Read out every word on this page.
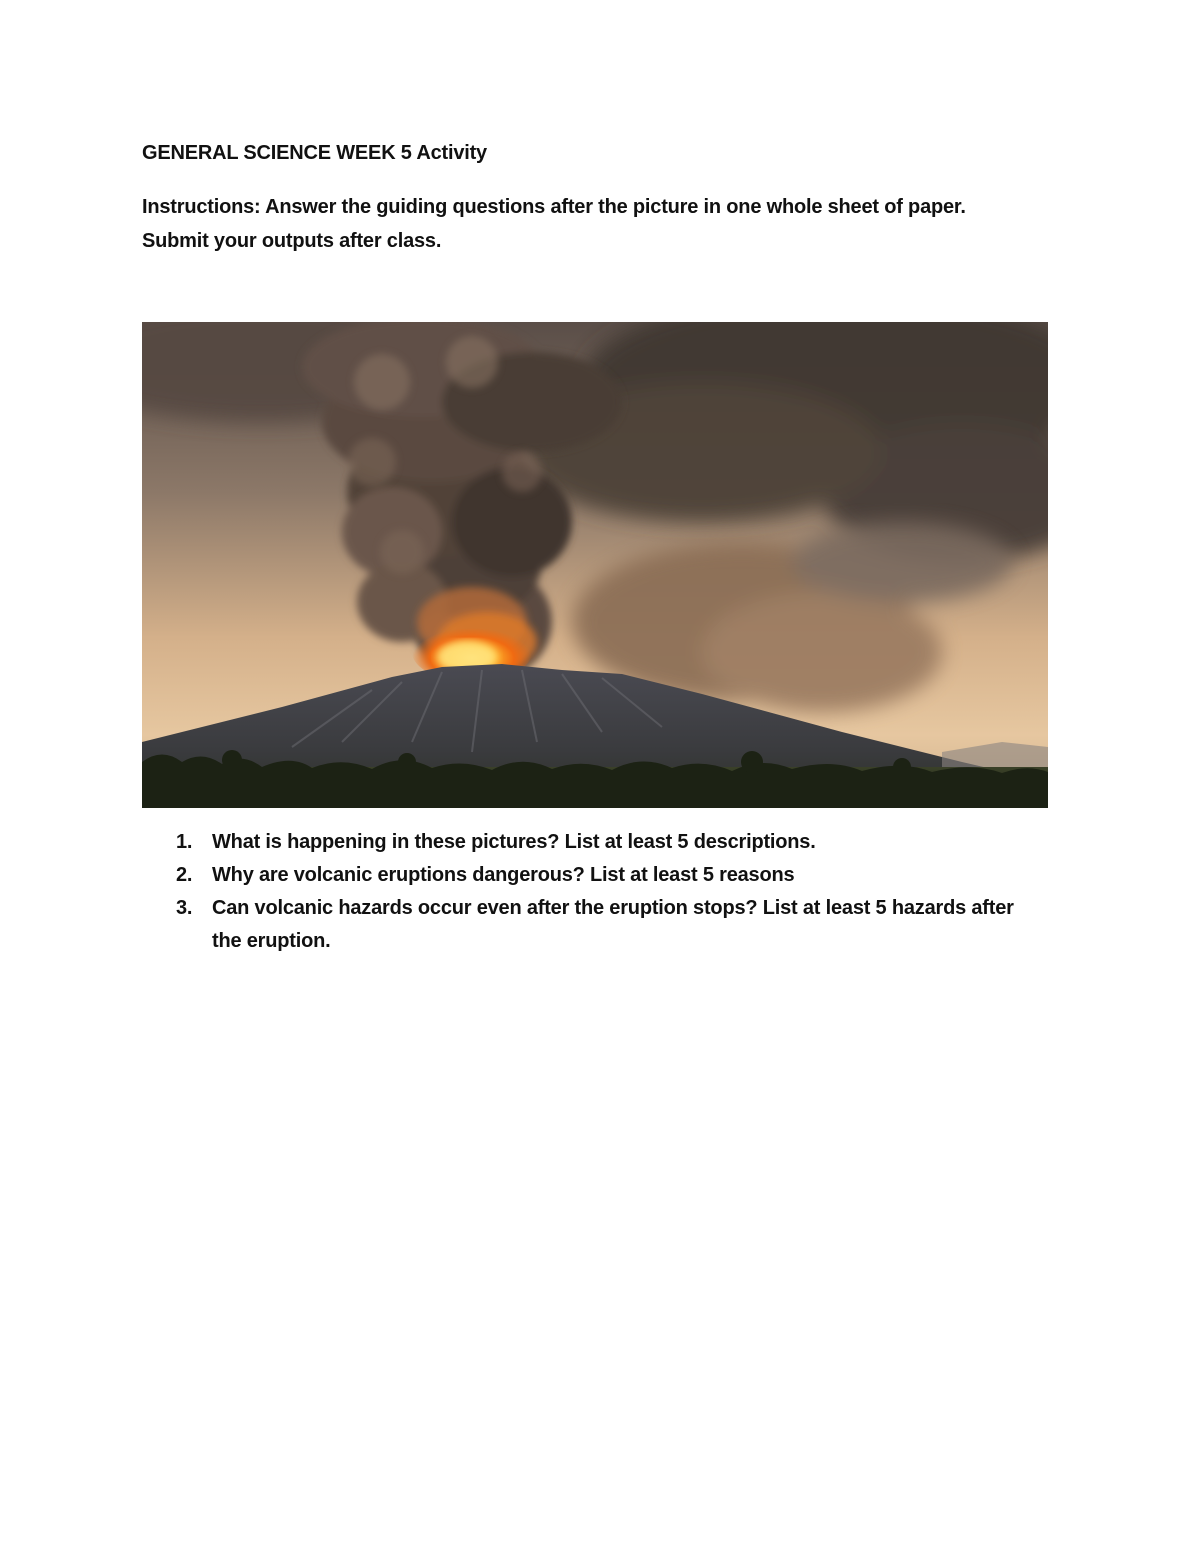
GENERAL SCIENCE WEEK 5 Activity
Instructions: Answer the guiding questions after the picture in one whole sheet of paper. Submit your outputs after class.
1. What is happening in these pictures? List at least 5 descriptions.
2. Why are volcanic eruptions dangerous? List at least 5 reasons
3. Can volcanic hazards occur even after the eruption stops? List at least 5 hazards after the eruption.
